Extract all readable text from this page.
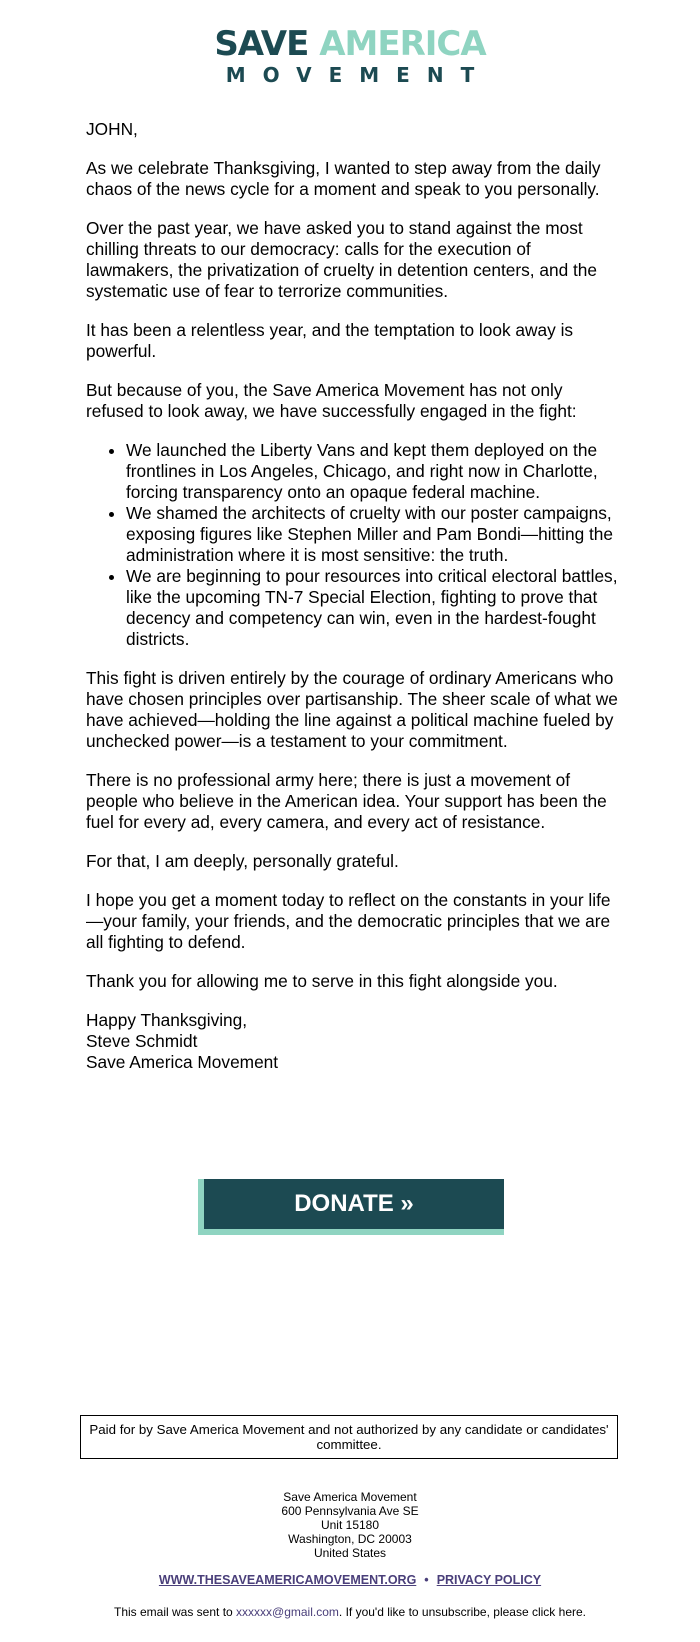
SAVE AMERICA
MOVEMENT

JOHN,

As we celebrate Thanksgiving, I wanted to step away from the daily chaos of the news cycle for a moment and speak to you personally.

Over the past year, we have asked you to stand against the most chilling threats to our democracy: calls for the execution of lawmakers, the privatization of cruelty in detention centers, and the systematic use of fear to terrorize communities.

It has been a relentless year, and the temptation to look away is powerful.

But because of you, the Save America Movement has not only refused to look away, we have successfully engaged in the fight:

• We launched the Liberty Vans and kept them deployed on the frontlines in Los Angeles, Chicago, and right now in Charlotte, forcing transparency onto an opaque federal machine.
• We shamed the architects of cruelty with our poster campaigns, exposing figures like Stephen Miller and Pam Bondi—hitting the administration where it is most sensitive: the truth.
• We are beginning to pour resources into critical electoral battles, like the upcoming TN-7 Special Election, fighting to prove that decency and competency can win, even in the hardest-fought districts.

This fight is driven entirely by the courage of ordinary Americans who have chosen principles over partisanship. The sheer scale of what we have achieved—holding the line against a political machine fueled by unchecked power—is a testament to your commitment.

There is no professional army here; there is just a movement of people who believe in the American idea. Your support has been the fuel for every ad, every camera, and every act of resistance.

For that, I am deeply, personally grateful.

I hope you get a moment today to reflect on the constants in your life—your family, your friends, and the democratic principles that we are all fighting to defend.

Thank you for allowing me to serve in this fight alongside you.

Happy Thanksgiving,
Steve Schmidt
Save America Movement
DONATE »
Paid for by Save America Movement and not authorized by any candidate or candidates' committee.
Save America Movement
600 Pennsylvania Ave SE
Unit 15180
Washington, DC 20003
United States
WWW.THESAVEAMERICAMOVEMENT.ORG • PRIVACY POLICY
This email was sent to xxxxxx@gmail.com. If you'd like to unsubscribe, please click here.
